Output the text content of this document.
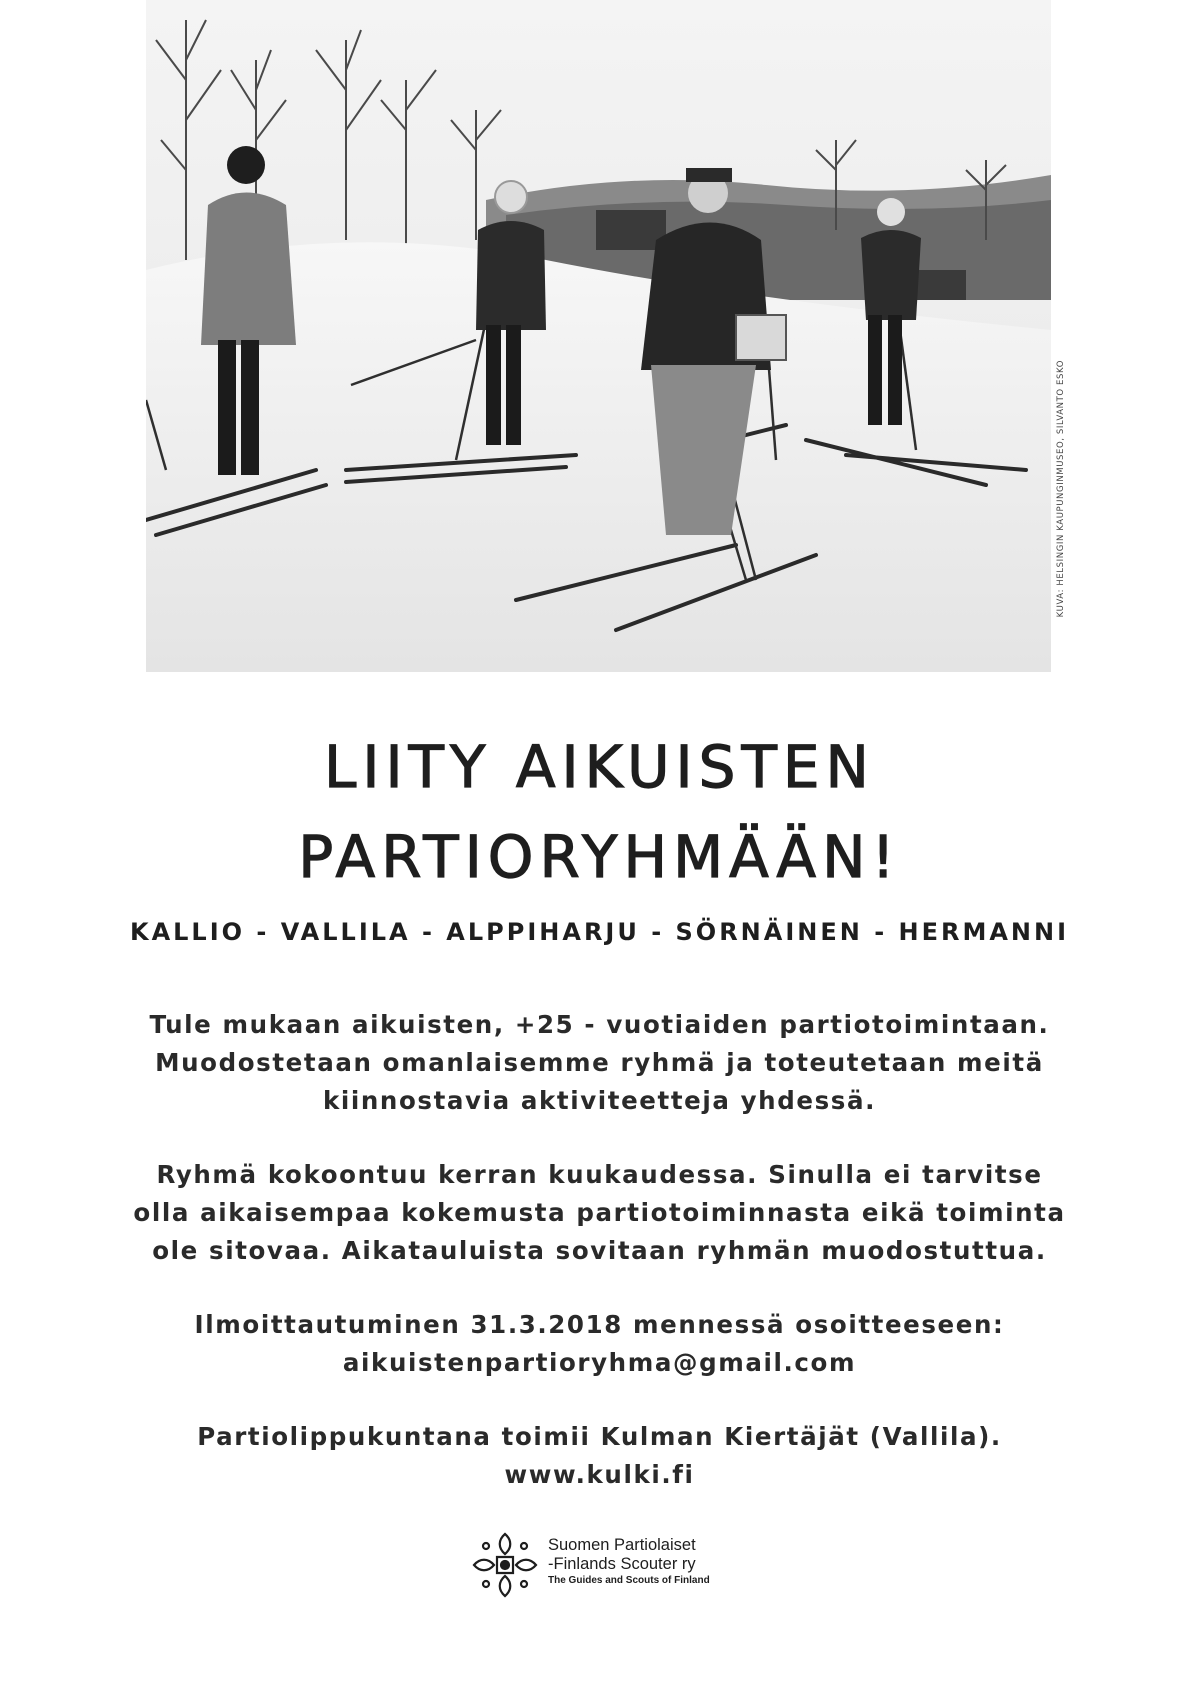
KUVA: HELSINGIN KAUPUNGINMUSEO, SILVANTO ESKO
LIITY AIKUISTEN
PARTIORYHMÄÄN!
KALLIO - VALLILA - ALPPIHARJU - SÖRNÄINEN - HERMANNI
Tule mukaan aikuisten, +25 - vuotiaiden partiotoimintaan.
Muodostetaan omanlaisemme ryhmä ja toteutetaan meitä
kiinnostavia aktiviteetteja yhdessä.
Ryhmä kokoontuu kerran kuukaudessa. Sinulla ei tarvitse
olla aikaisempaa kokemusta partiotoiminnasta eikä toiminta
ole sitovaa. Aikatauluista sovitaan ryhmän muodostuttua.
Ilmoittautuminen 31.3.2018 mennessä osoitteeseen:
aikuistenpartioryhma@gmail.com
Partiolippukuntana toimii Kulman Kiertäjät (Vallila).
www.kulki.fi
Suomen Partiolaiset
-Finlands Scouter ry
The Guides and Scouts of Finland
